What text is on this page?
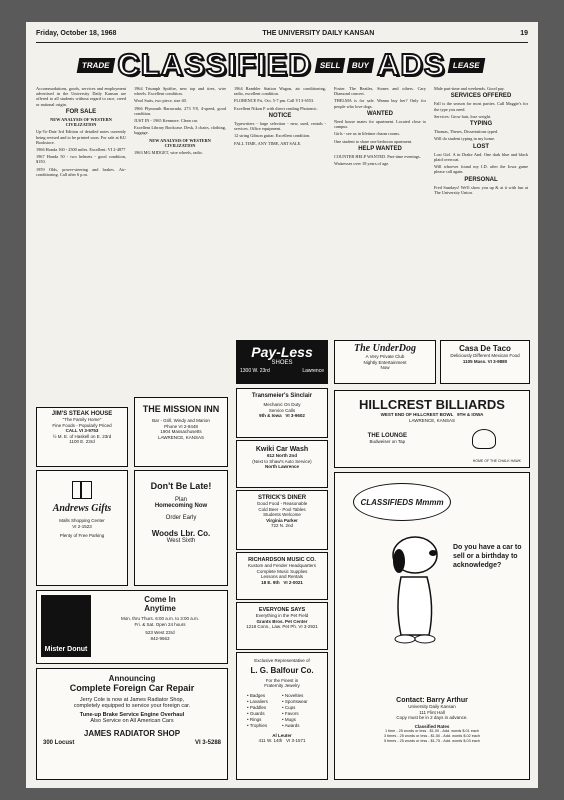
Friday, October 18, 1968	THE UNIVERSITY DAILY KANSAN	19
TRADE CLASSIFIED SELL	BUY ADS LEASE

Accommodations, goods, services and employment advertised in the University Daily Kansan are offered to all students without regard to race, creed or national origin.

FOR SALE

NEW ANALYSIS OF WESTERN CIVILIZATION

Up-To-Date 3rd Edition of detailed notes currently being revised and to be printed soon. For sale at KU Bookstore.

1966 Honda 160 - 2500 miles. Excellent. VI 2-4877

1967 Honda 50 - two helmets - good condition, $150.

1959 Olds, power-steering and brakes. Air-conditioning. Call after 6 p.m.

1964 Triumph Spitfire, new top and tires, wire wheels. Excellent condition.

Wool Suits, two piece, size 40.

1966 Plymouth Barracuda, 273 V8, 4-speed, good condition.

JUST IN - 1965 Kenmore. Clean car.

Excellent Library Bookcase. Desk, 3 chairs, clothing, luggage.

NEW ANALYSIS OF WESTERN CIVILIZATION

1963 MG MIDGET, wire wheels, radio.

1964 Rambler Station Wagon, air conditioning, radio, excellent condition.

FLORENCE Fri, Oct. 5-7 pm. Call VI 3-6553.

Excellent Nikon F with direct reading Photomic.

NOTICE

Typewriters - large selection - new, used, rentals - services. Office equipment.

12 string Gibson guitar. Excellent condition.

FALL TIME, ANY TIME, ART SALE.

Foster. The Beatles, Stones and others. Cary Diamond concert.

THELMA is for sale. Wanna buy her? Only for people who love dogs.

WANTED

Need house mates for apartment. Located close to campus.

Girls - see us in lifetime charm rooms.

One student to share one bedroom apartment.

HELP WANTED

COUNTER HELP WANTED. Part-time evenings.

Waitresses over 18 years of age.

Male part-time and weekends. Good pay.

SERVICES OFFERED

Fall is the season for most parties. Call Maggie's for the type you need.

Services: Grow hair, lose weight.

TYPING

Thomas, Theses, Dissertations typed.

Will do student typing in my home.

LOST

Lost Girl. A in Drake And. One dark blue and black plaid overcoat.

Will whoever found my I.D. after the Iowa game please call again.

PERSONAL

Fred Sundays! We'll show you up & at it with fun at The University Union.

Pay-Less
SHOES
1300 W. 23rd	Lawrence
The UnderDog
A Very Private Club
Nightly Entertainment
Now
Casa De Taco
Deliciously Different Mexican Food
1105 Mass. VI 3-9880
JIM'S STEAK HOUSE
"The Family Home"
Fine Foods - Popularly Priced
CALL VI 3-9753
½ M. E. of Haskell on E. 23rd
1100 E. 23rd
THE MISSION INN
Bar - Grill, Windy and Marion
Phone VI 2-9448
1904 Massachusetts
LAWRENCE, KANSAS
Transmeier's Sinclair
Mechanic On Duty
Service Calls
9th & Iowa VI 3-9602
HILLCREST BILLIARDS
WEST END OF HILLCREST BOWL 9TH & IOWA
LAWRENCE, KANSAS
THE LOUNGE
Budweiser on Tap
HOME OF THE CHALK HAWK
Kwiki Car Wash
612 North 2nd
(Next to Shaw's Auto Service)
North Lawrence
Andrews Gifts
Malls Shopping Center
VI 2-1523
Plenty of Free Parking
Don't Be Late!
Plan
Homecoming Now
Order Early
Woods Lbr. Co.
West Sixth
STRICK'S DINER
Good Food - Reasonable
Cold Beer - Pool Tables
Students Welcome
Virginia Parker
722 N. 2nd
CLASSIFIEDS Mmmm
Do you have a car to sell or a birthday to acknowledge?
Contact: Barry Arthur
University Daily Kansan
111 Flint Hall
Copy must be in 2 days in advance.
Classified Rates
1 time - 25 words or less - $1.00 - Add. words $.01 each
3 times - 25 words or less - $1.50 - Add. words $.02 each
5 times - 25 words or less - $1.75 - Add. words $.03 each
RICHARDSON MUSIC CO.
Kustom and Fender Headquarters
Complete Music Supplies
Lessons and Rentals
18 E. 9th VI 2-0021
Mister Donut
Come In
Anytime
Mon. thru Thurs. 6:00 a.m. to 3:00 a.m.
Fri. & Sat. Open 24 hours
523 West 23rd
842-9563
EVERYONE SAYS
Everything in the Pet Field
Grants Bros. Pet Center
1218 Conn., Law. Pet Ph. VI 3-2921
Exclusive Representative of
L. G. Balfour Co.
For the Finest in
Fraternity Jewelry
• Badges	• Novelties
• Lavaliers	• Sportswear
• Paddles	• Cups
• Guards	• Favors
• Rings	• Mugs
• Trophies	• Awards
Al Leuter
411 W. 14th VI 3-1571
Announcing
Complete Foreign Car Repair
Jerry Cole is now at James Radiator Shop,
completely equipped to service your foreign car.
Tune-up Brake Service Engine Overhaul
Also Service on All American Cars
JAMES RADIATOR SHOP
300 Locust	VI 3-5288
